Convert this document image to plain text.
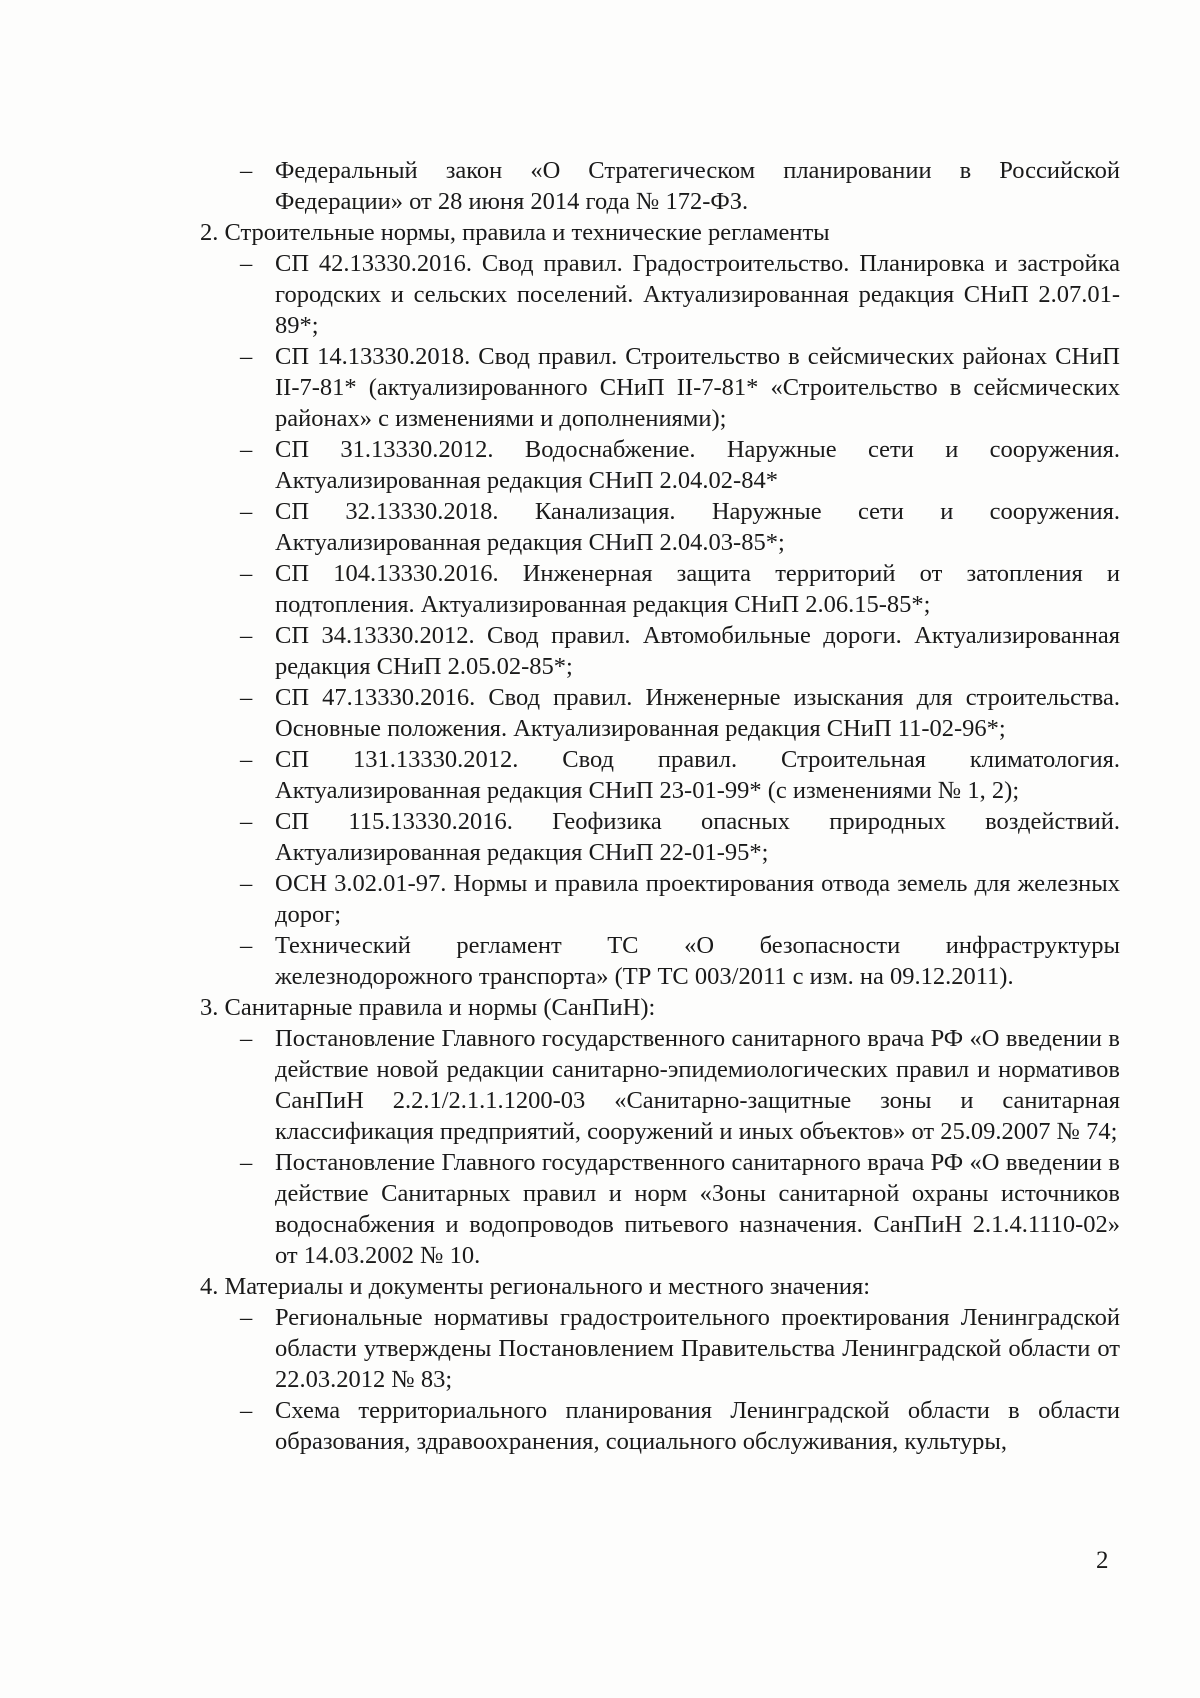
– Федеральный закон «О Стратегическом планировании в Российской Федерации» от 28 июня 2014 года № 172-ФЗ.
2. Строительные нормы, правила и технические регламенты
– СП 42.13330.2016. Свод правил. Градостроительство. Планировка и застройка городских и сельских поселений. Актуализированная редакция СНиП 2.07.01-89*;
– СП 14.13330.2018. Свод правил. Строительство в сейсмических районах СНиП II-7-81* (актуализированного СНиП II-7-81* «Строительство в сейсмических районах» с изменениями и дополнениями);
– СП 31.13330.2012. Водоснабжение. Наружные сети и сооружения. Актуализированная редакция СНиП 2.04.02-84*
– СП 32.13330.2018. Канализация. Наружные сети и сооружения. Актуализированная редакция СНиП 2.04.03-85*;
– СП 104.13330.2016. Инженерная защита территорий от затопления и подтопления. Актуализированная редакция СНиП 2.06.15-85*;
– СП 34.13330.2012. Свод правил. Автомобильные дороги. Актуализированная редакция СНиП 2.05.02-85*;
– СП 47.13330.2016. Свод правил. Инженерные изыскания для строительства. Основные положения. Актуализированная редакция СНиП 11-02-96*;
– СП 131.13330.2012. Свод правил. Строительная климатология. Актуализированная редакция СНиП 23-01-99* (с изменениями № 1, 2);
– СП 115.13330.2016. Геофизика опасных природных воздействий. Актуализированная редакция СНиП 22-01-95*;
– ОСН 3.02.01-97. Нормы и правила проектирования отвода земель для железных дорог;
– Технический регламент ТС «О безопасности инфраструктуры железнодорожного транспорта» (ТР ТС 003/2011 с изм. на 09.12.2011).
3. Санитарные правила и нормы (СанПиН):
– Постановление Главного государственного санитарного врача РФ «О введении в действие новой редакции санитарно-эпидемиологических правил и нормативов СанПиН 2.2.1/2.1.1.1200-03 «Санитарно-защитные зоны и санитарная классификация предприятий, сооружений и иных объектов» от 25.09.2007 № 74;
– Постановление Главного государственного санитарного врача РФ «О введении в действие Санитарных правил и норм «Зоны санитарной охраны источников водоснабжения и водопроводов питьевого назначения. СанПиН 2.1.4.1110-02» от 14.03.2002 № 10.
4. Материалы и документы регионального и местного значения:
– Региональные нормативы градостроительного проектирования Ленинградской области утверждены Постановлением Правительства Ленинградской области от 22.03.2012 № 83;
– Схема территориального планирования Ленинградской области в области образования, здравоохранения, социального обслуживания, культуры,
2
